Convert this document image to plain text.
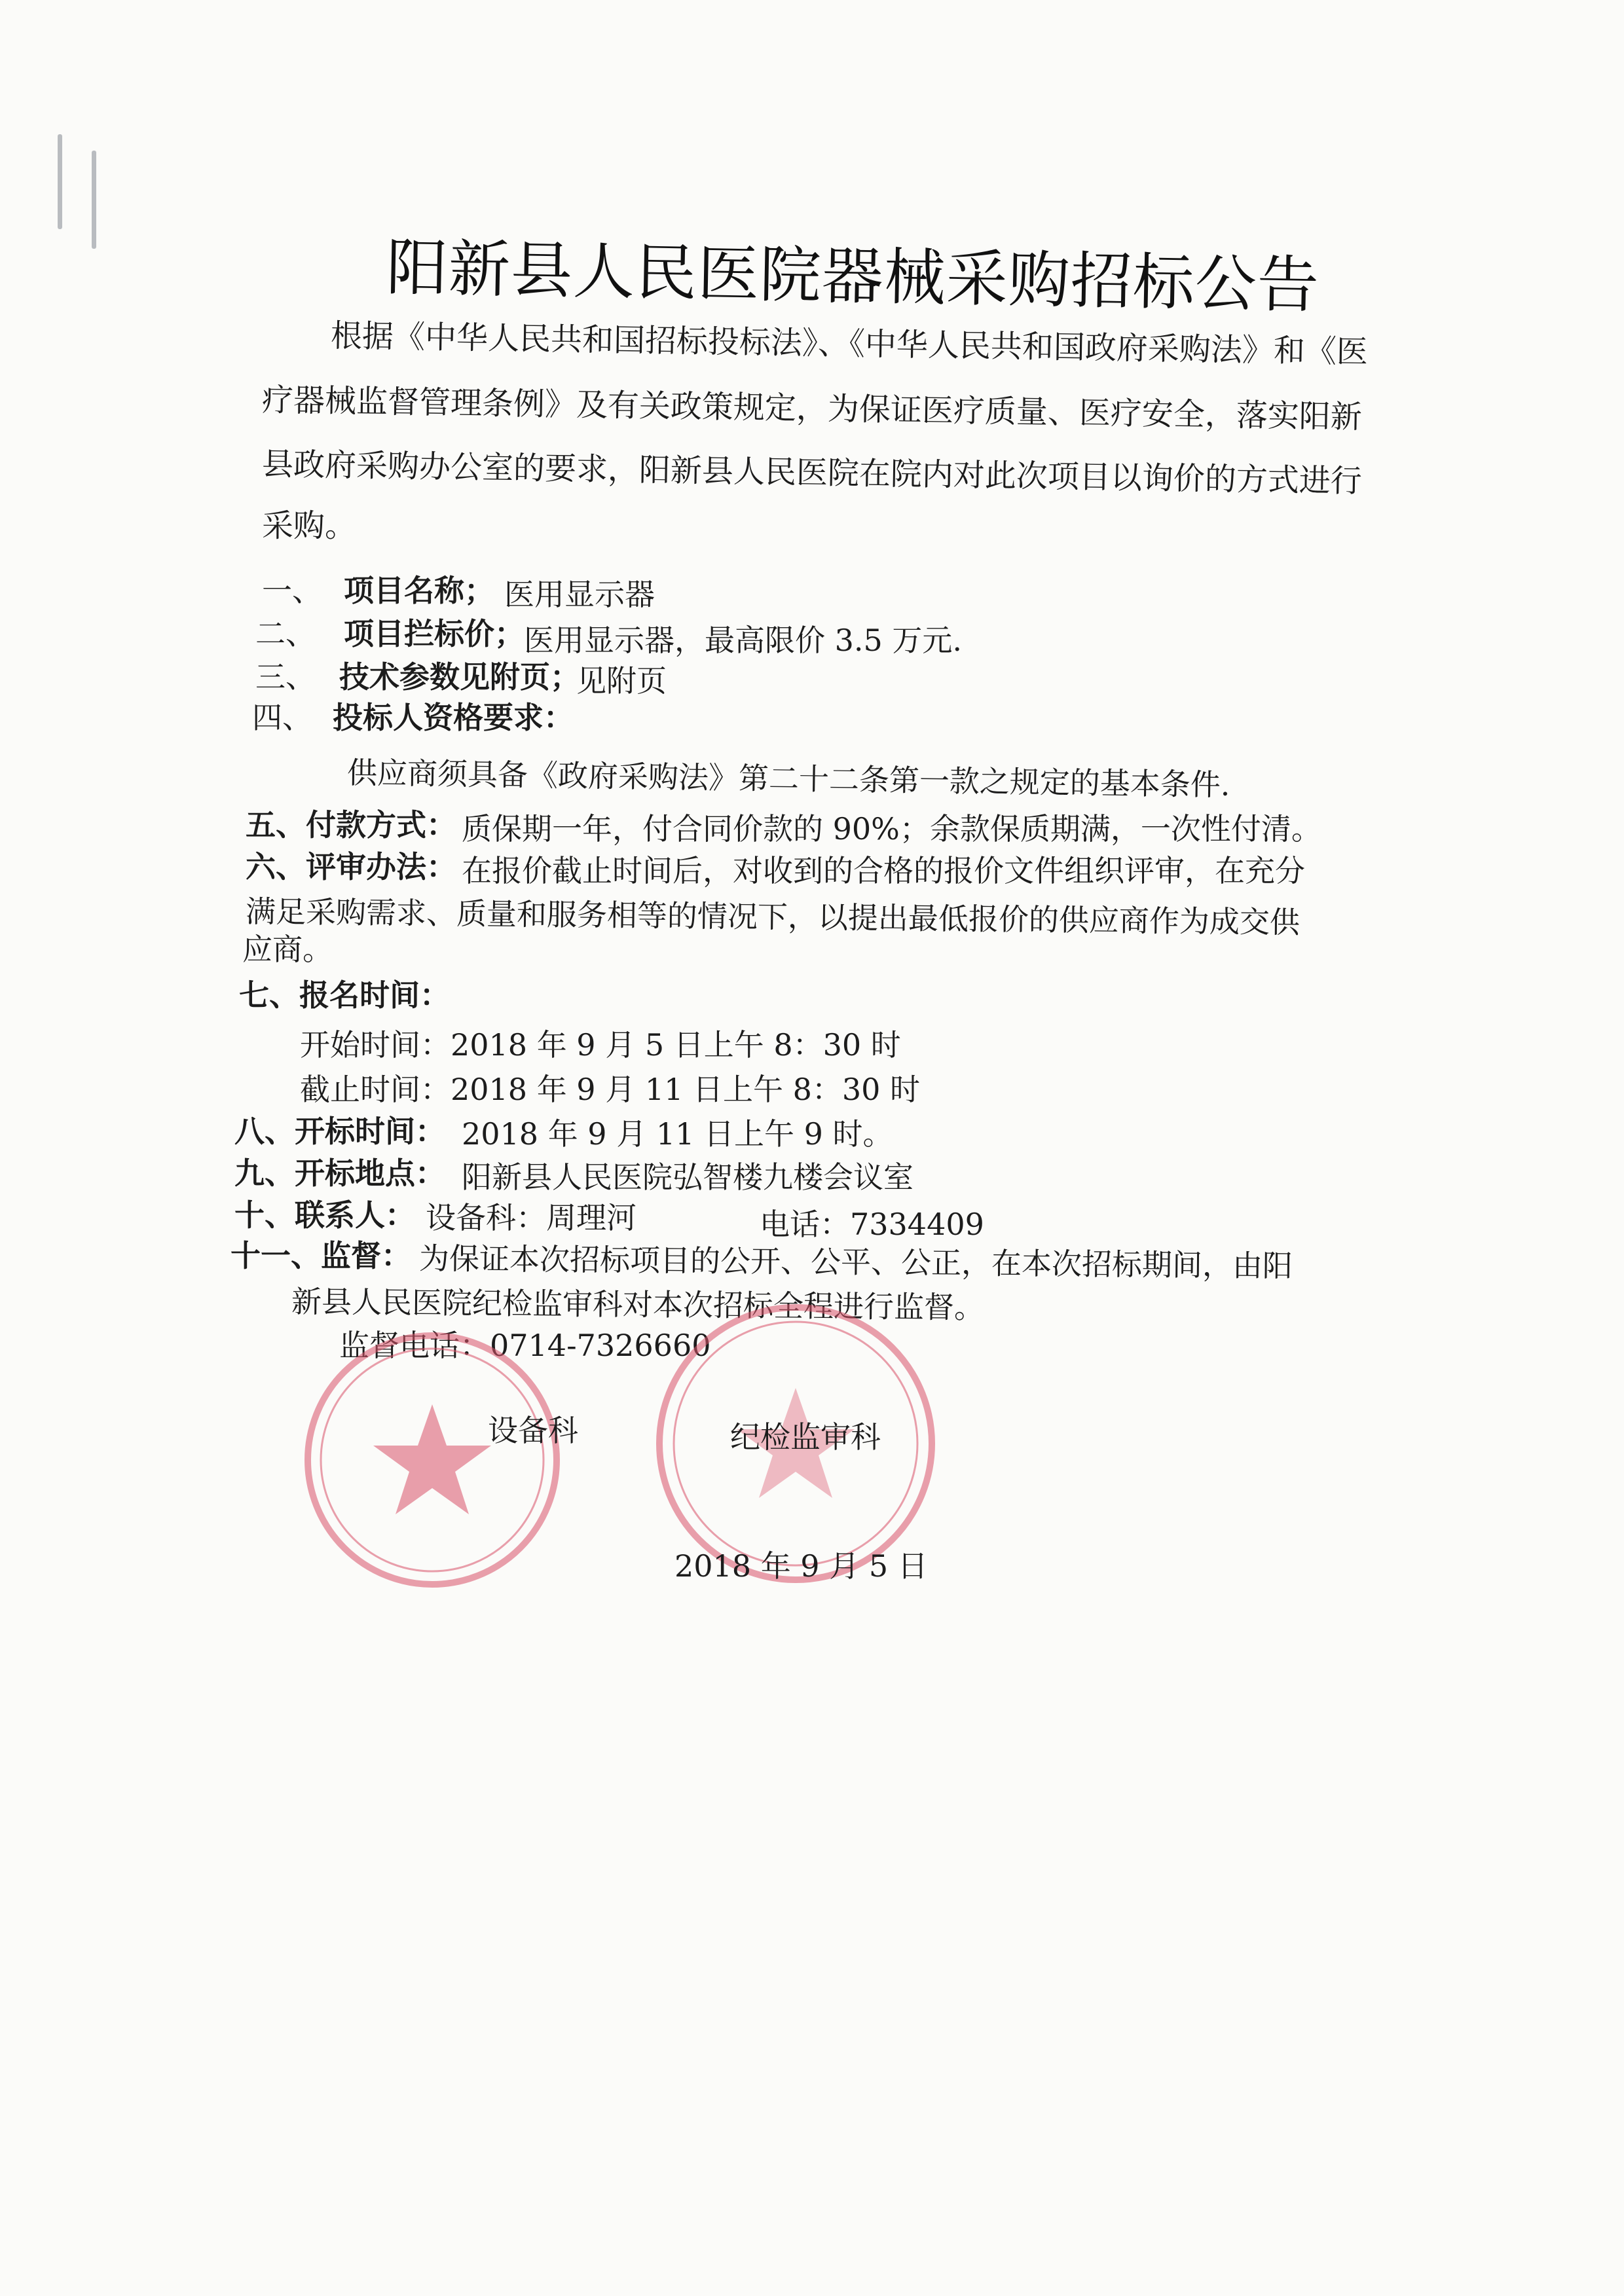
阳新县人民医院器械采购招标公告
根据《中华人民共和国招标投标法》、《中华人民共和国政府采购法》和《医
疗器械监督管理条例》及有关政策规定，为保证医疗质量、医疗安全，落实阳新
县政府采购办公室的要求，阳新县人民医院在院内对此次项目以询价的方式进行
采购。
一、 项目名称； 医用显示器
二、 项目拦标价； 医用显示器，最高限价 3.5 万元.
三、 技术参数见附页；
见附页
四、 投标人资格要求：
供应商须具备《政府采购法》第二十二条第一款之规定的基本条件.
五、付款方式： 质保期一年，付合同价款的 90%；余款保质期满，一次性付清。
六、评审办法： 在报价截止时间后，对收到的合格的报价文件组织评审，在充分
满足采购需求、质量和服务相等的情况下，以提出最低报价的供应商作为成交供
应商。
七、报名时间：
开始时间：2018 年 9 月 5 日上午 8：30 时
截止时间：2018 年 9 月 11 日上午 8：30 时
八、开标时间： 2018 年 9 月 11 日上午 9 时。
九、开标地点： 阳新县人民医院弘智楼九楼会议室
十、联系人： 设备科：周理河	电话：7334409
十一、监督： 为保证本次招标项目的公开、公平、公正，在本次招标期间，由阳
新县人民医院纪检监审科对本次招标全程进行监督。
监督电话：0714-7326660
设备科	纪检监审科
2018 年 9 月 5 日
